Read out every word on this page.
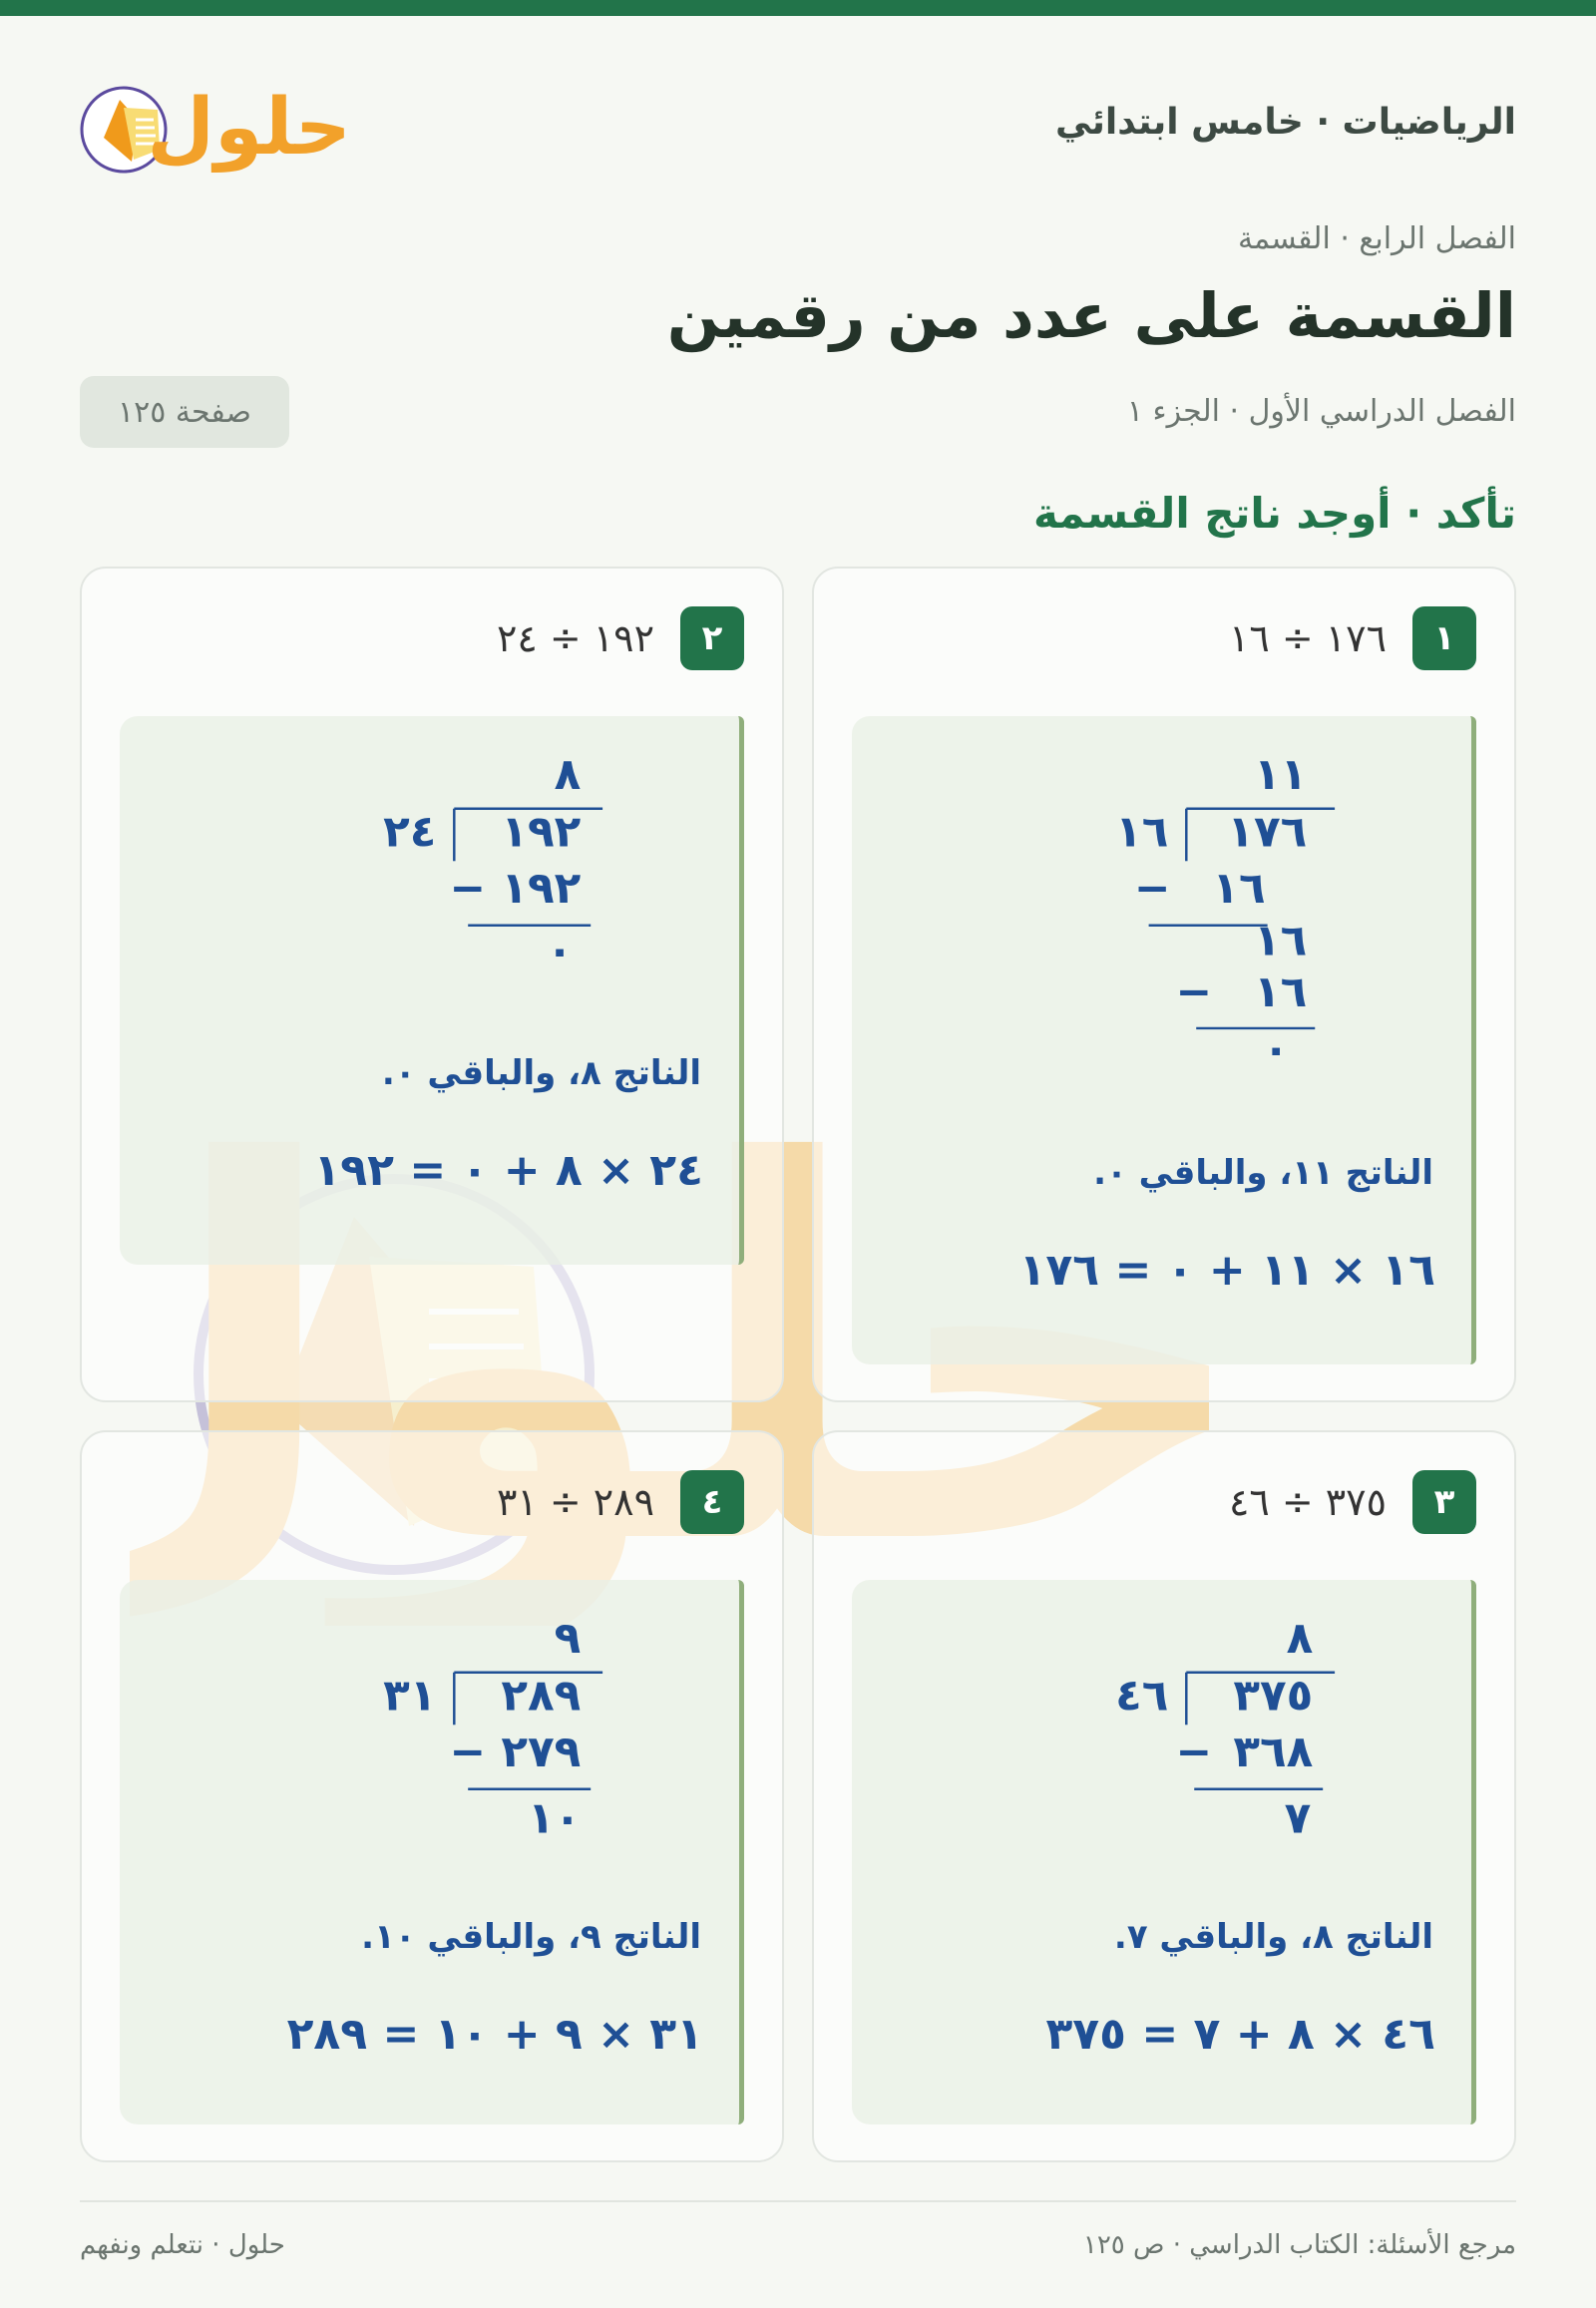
الرياضيات · خامس ابتدائي
حلول
الفصل الرابع · القسمة
القسمة على عدد من رقمين
الفصل الدراسي الأول · الجزء ١
صفحة ١٢٥
تأكد · أوجد ناتج القسمة
١
١٧٦ ÷ ١٦
١١
١٦ ١٧٦
− ١٦
١٦
− ١٦
٠
الناتج ١١، والباقي ٠.
١٦ × ١١ + ٠ = ١٧٦
٢
١٩٢ ÷ ٢٤
٨
٢٤ ١٩٢
− ١٩٢
٠
الناتج ٨، والباقي ٠.
٢٤ × ٨ + ٠ = ١٩٢
٣
٣٧٥ ÷ ٤٦
٨
٤٦ ٣٧٥
− ٣٦٨
٧
الناتج ٨، والباقي ٧.
٤٦ × ٨ + ٧ = ٣٧٥
٤
٢٨٩ ÷ ٣١
٩
٣١ ٢٨٩
− ٢٧٩
١٠
الناتج ٩، والباقي ١٠.
٣١ × ٩ + ١٠ = ٢٨٩
مرجع الأسئلة: الكتاب الدراسي · ص ١٢٥
حلول · نتعلم ونفهم
